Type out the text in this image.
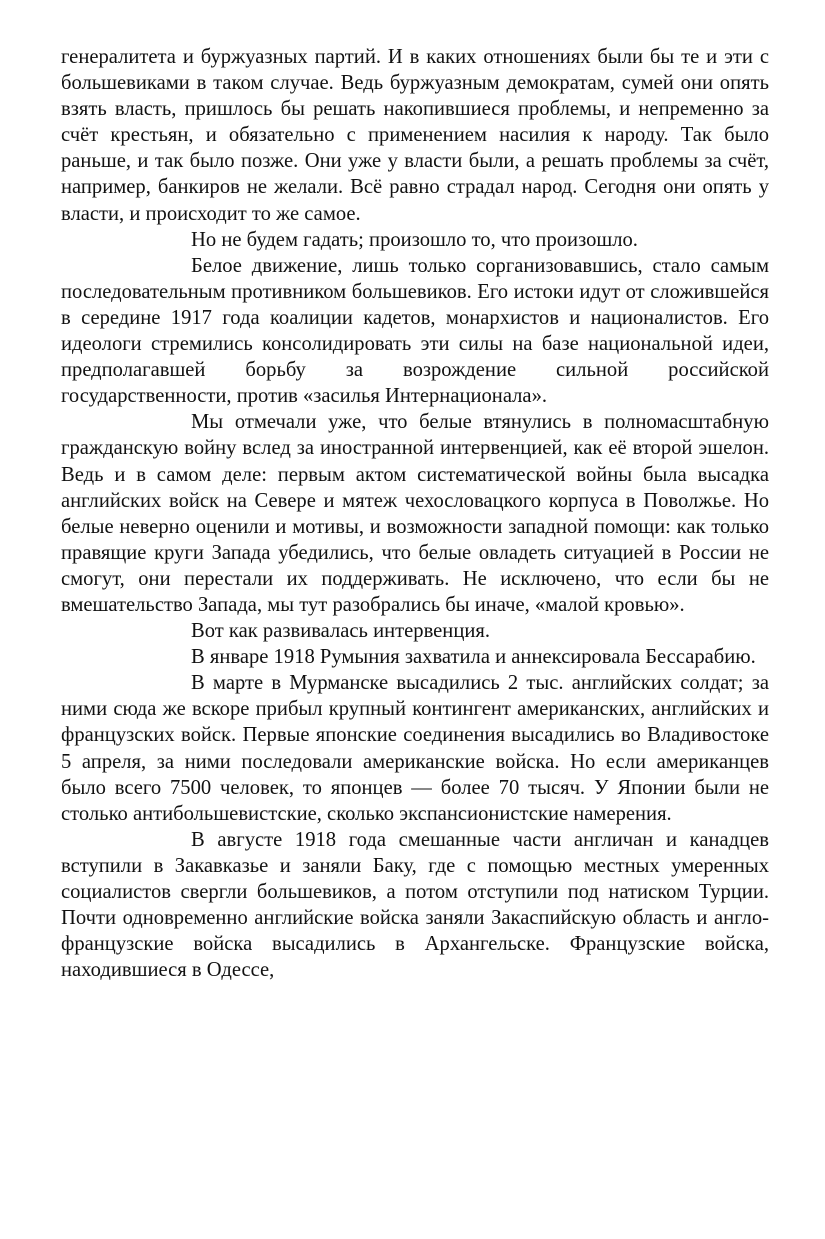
генералитета и буржуазных партий. И в каких отношениях были бы те и эти с большевиками в таком случае. Ведь буржуазным демократам, сумей они опять взять власть, пришлось бы решать накопившиеся проблемы, и непременно за счёт крестьян, и обязательно с применением насилия к народу. Так было раньше, и так было позже. Они уже у власти были, а решать проблемы за счёт, например, банкиров не желали. Всё равно страдал народ. Сегодня они опять у власти, и происходит то же самое.

Но не будем гадать; произошло то, что произошло.

Белое движение, лишь только сорганизовавшись, стало самым последовательным противником большевиков. Его истоки идут от сложившейся в середине 1917 года коалиции кадетов, монархистов и националистов. Его идеологи стремились консолидировать эти силы на базе национальной идеи, предполагавшей борьбу за возрождение сильной российской государственности, против «засилья Интернационала».

Мы отмечали уже, что белые втянулись в полномасштабную гражданскую войну вслед за иностранной интервенцией, как её второй эшелон. Ведь и в самом деле: первым актом систематической войны была высадка английских войск на Севере и мятеж чехословацкого корпуса в Поволжье. Но белые неверно оценили и мотивы, и возможности западной помощи: как только правящие круги Запада убедились, что белые овладеть ситуацией в России не смогут, они перестали их поддерживать. Не исключено, что если бы не вмешательство Запада, мы тут разобрались бы иначе, «малой кровью».

Вот как развивалась интервенция.

В январе 1918 Румыния захватила и аннексировала Бессарабию.

В марте в Мурманске высадились 2 тыс. английских солдат; за ними сюда же вскоре прибыл крупный контингент американских, английских и французских войск. Первые японские соединения высадились во Владивостоке 5 апреля, за ними последовали американские войска. Но если американцев было всего 7500 человек, то японцев — более 70 тысяч. У Японии были не столько антибольшевистские, сколько экспансионистские намерения.

В августе 1918 года смешанные части англичан и канадцев вступили в Закавказье и заняли Баку, где с помощью местных умеренных социалистов свергли большевиков, а потом отступили под натиском Турции. Почти одновременно английские войска заняли Закаспийскую область и англо-французские войска высадились в Архангельске. Французские войска, находившиеся в Одессе,
